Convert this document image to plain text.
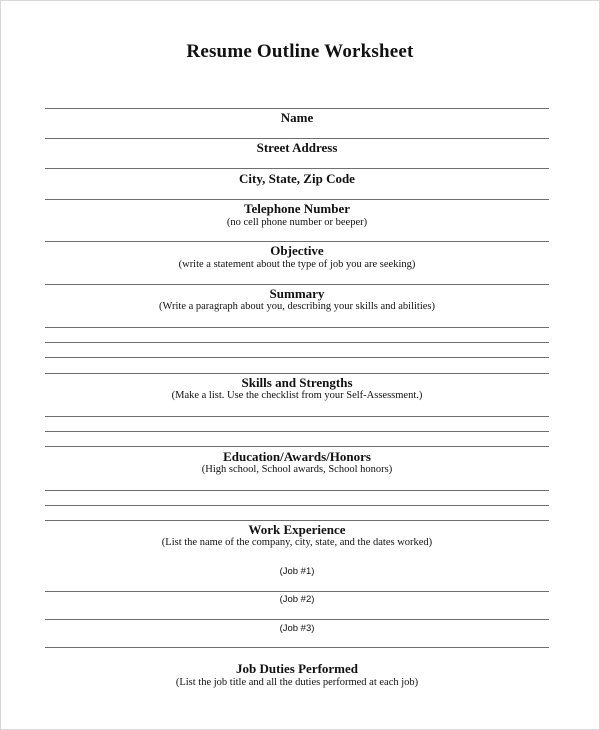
Resume Outline Worksheet
Name
Street Address
City, State, Zip Code
Telephone Number
(no cell phone number or beeper)
Objective
(write a statement about the type of job you are seeking)
Summary
(Write a paragraph about you, describing your skills and abilities)
Skills and Strengths
(Make a list. Use the checklist from your Self-Assessment.)
Education/Awards/Honors
(High school, School awards, School honors)
Work Experience
(List the name of the company, city, state, and the dates worked)
(Job #1)
(Job #2)
(Job #3)
Job Duties Performed
(List the job title and all the duties performed at each job)
